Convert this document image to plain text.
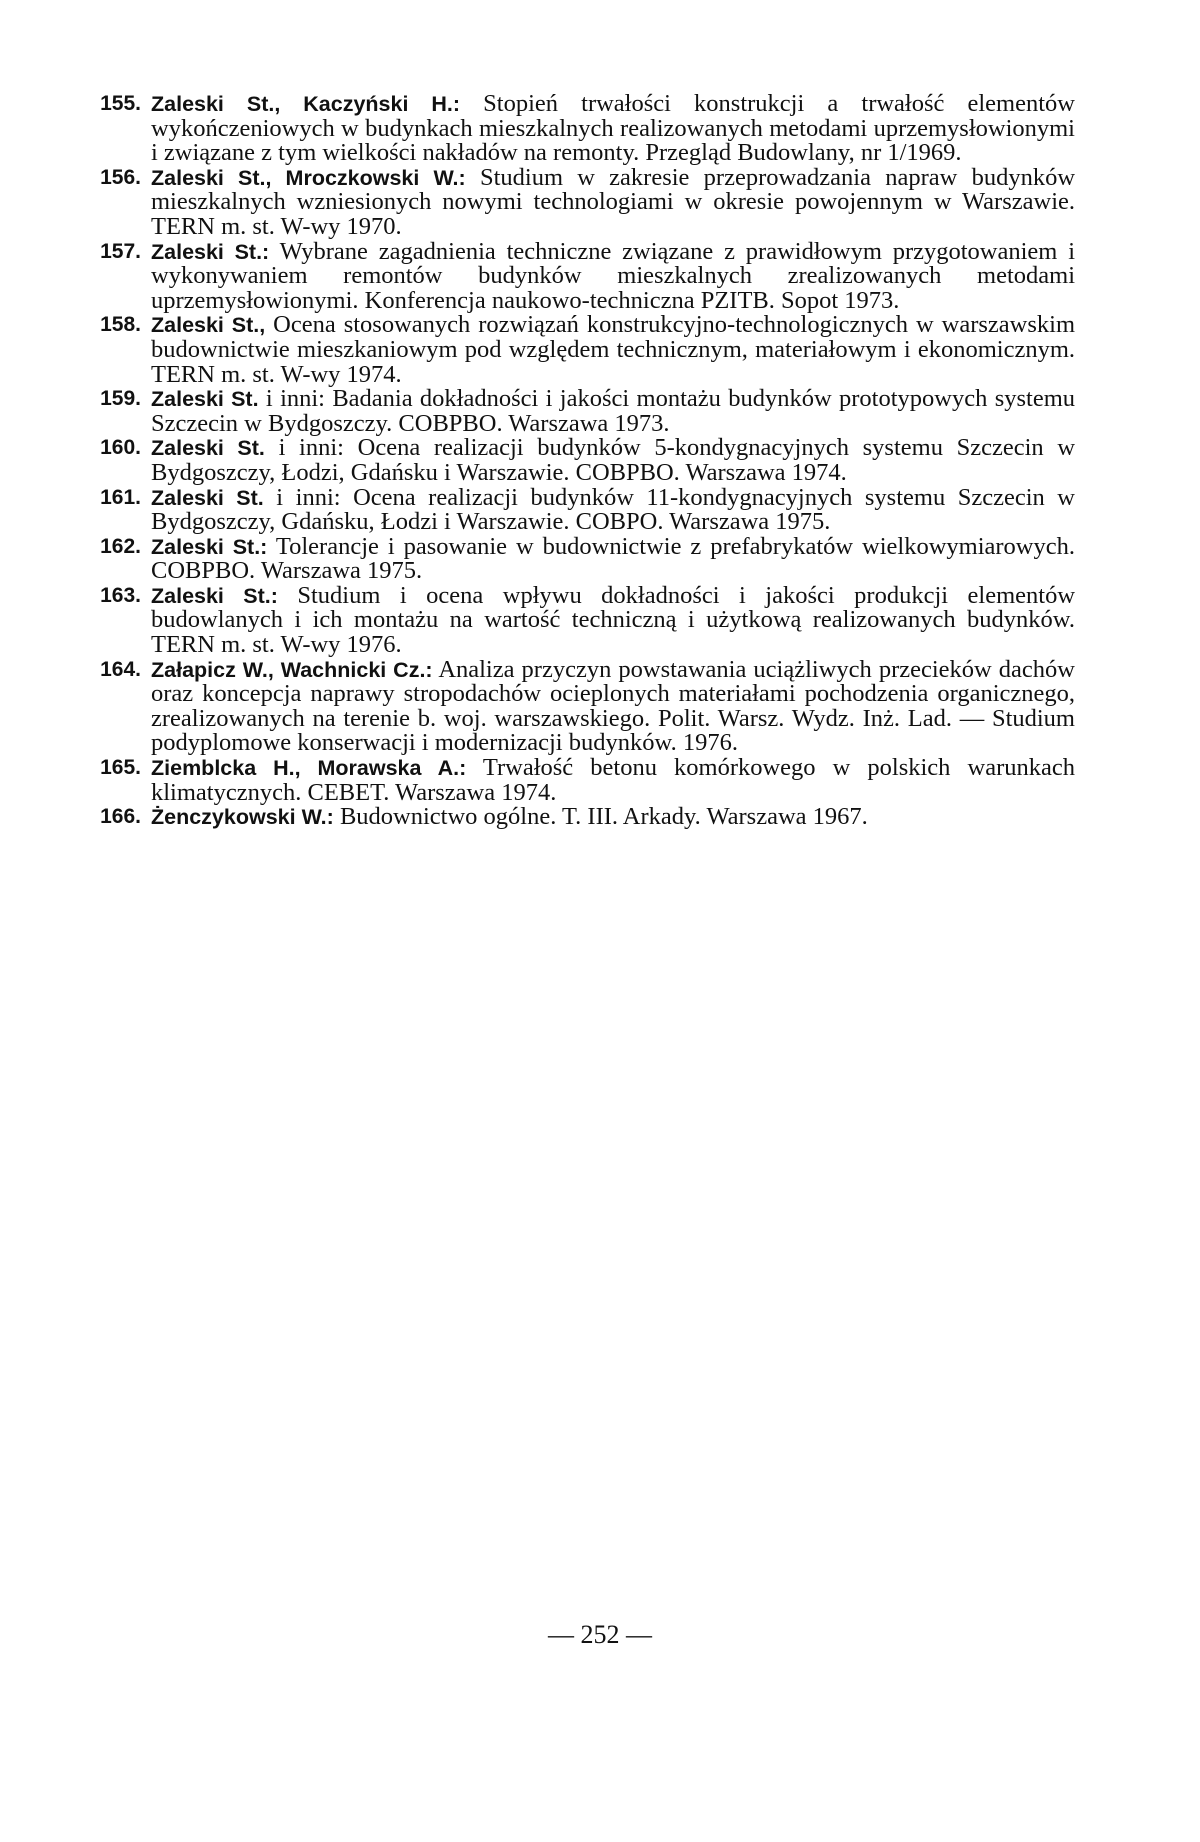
155. Zaleski St., Kaczyński H.: Stopień trwałości konstrukcji a trwałość elementów wykończeniowych w budynkach mieszkalnych realizowanych metodami uprzemysłowionymi i związane z tym wielkości nakładów na remonty. Przegląd Budowlany, nr 1/1969.
156. Zaleski St., Mroczkowski W.: Studium w zakresie przeprowadzania napraw budynków mieszkalnych wzniesionych nowymi technologiami w okresie powojennym w Warszawie. TERN m. st. W-wy 1970.
157. Zaleski St.: Wybrane zagadnienia techniczne związane z prawidłowym przygotowaniem i wykonywaniem remontów budynków mieszkalnych zrealizowanych metodami uprzemysłowionymi. Konferencja naukowo-techniczna PZITB. Sopot 1973.
158. Zaleski St., Ocena stosowanych rozwiązań konstrukcyjno-technologicznych w warszawskim budownictwie mieszkaniowym pod względem technicznym, materiałowym i ekonomicznym. TERN m. st. W-wy 1974.
159. Zaleski St. i inni: Badania dokładności i jakości montażu budynków prototypowych systemu Szczecin w Bydgoszczy. COBPBO. Warszawa 1973.
160. Zaleski St. i inni: Ocena realizacji budynków 5-kondygnacyjnych systemu Szczecin w Bydgoszczy, Łodzi, Gdańsku i Warszawie. COBPBO. Warszawa 1974.
161. Zaleski St. i inni: Ocena realizacji budynków 11-kondygnacyjnych systemu Szczecin w Bydgoszczy, Gdańsku, Łodzi i Warszawie. COBPO. Warszawa 1975.
162. Zaleski St.: Tolerancje i pasowanie w budownictwie z prefabrykatów wielkowymiarowych. COBPBO. Warszawa 1975.
163. Zaleski St.: Studium i ocena wpływu dokładności i jakości produkcji elementów budowlanych i ich montażu na wartość techniczną i użytkową realizowanych budynków. TERN m. st. W-wy 1976.
164. Załapicz W., Wachnicki Cz.: Analiza przyczyn powstawania uciążliwych przecieków dachów oraz koncepcja naprawy stropodachów ocieplonych materiałami pochodzenia organicznego, zrealizowanych na terenie b. woj. warszawskiego. Polit. Warsz. Wydz. Inż. Lad. — Studium podyplomowe konserwacji i modernizacji budynków. 1976.
165. Ziemblcka H., Morawska A.: Trwałość betonu komórkowego w polskich warunkach klimatycznych. CEBET. Warszawa 1974.
166. Żenczykowski W.: Budownictwo ogólne. T. III. Arkady. Warszawa 1967.
— 252 —
